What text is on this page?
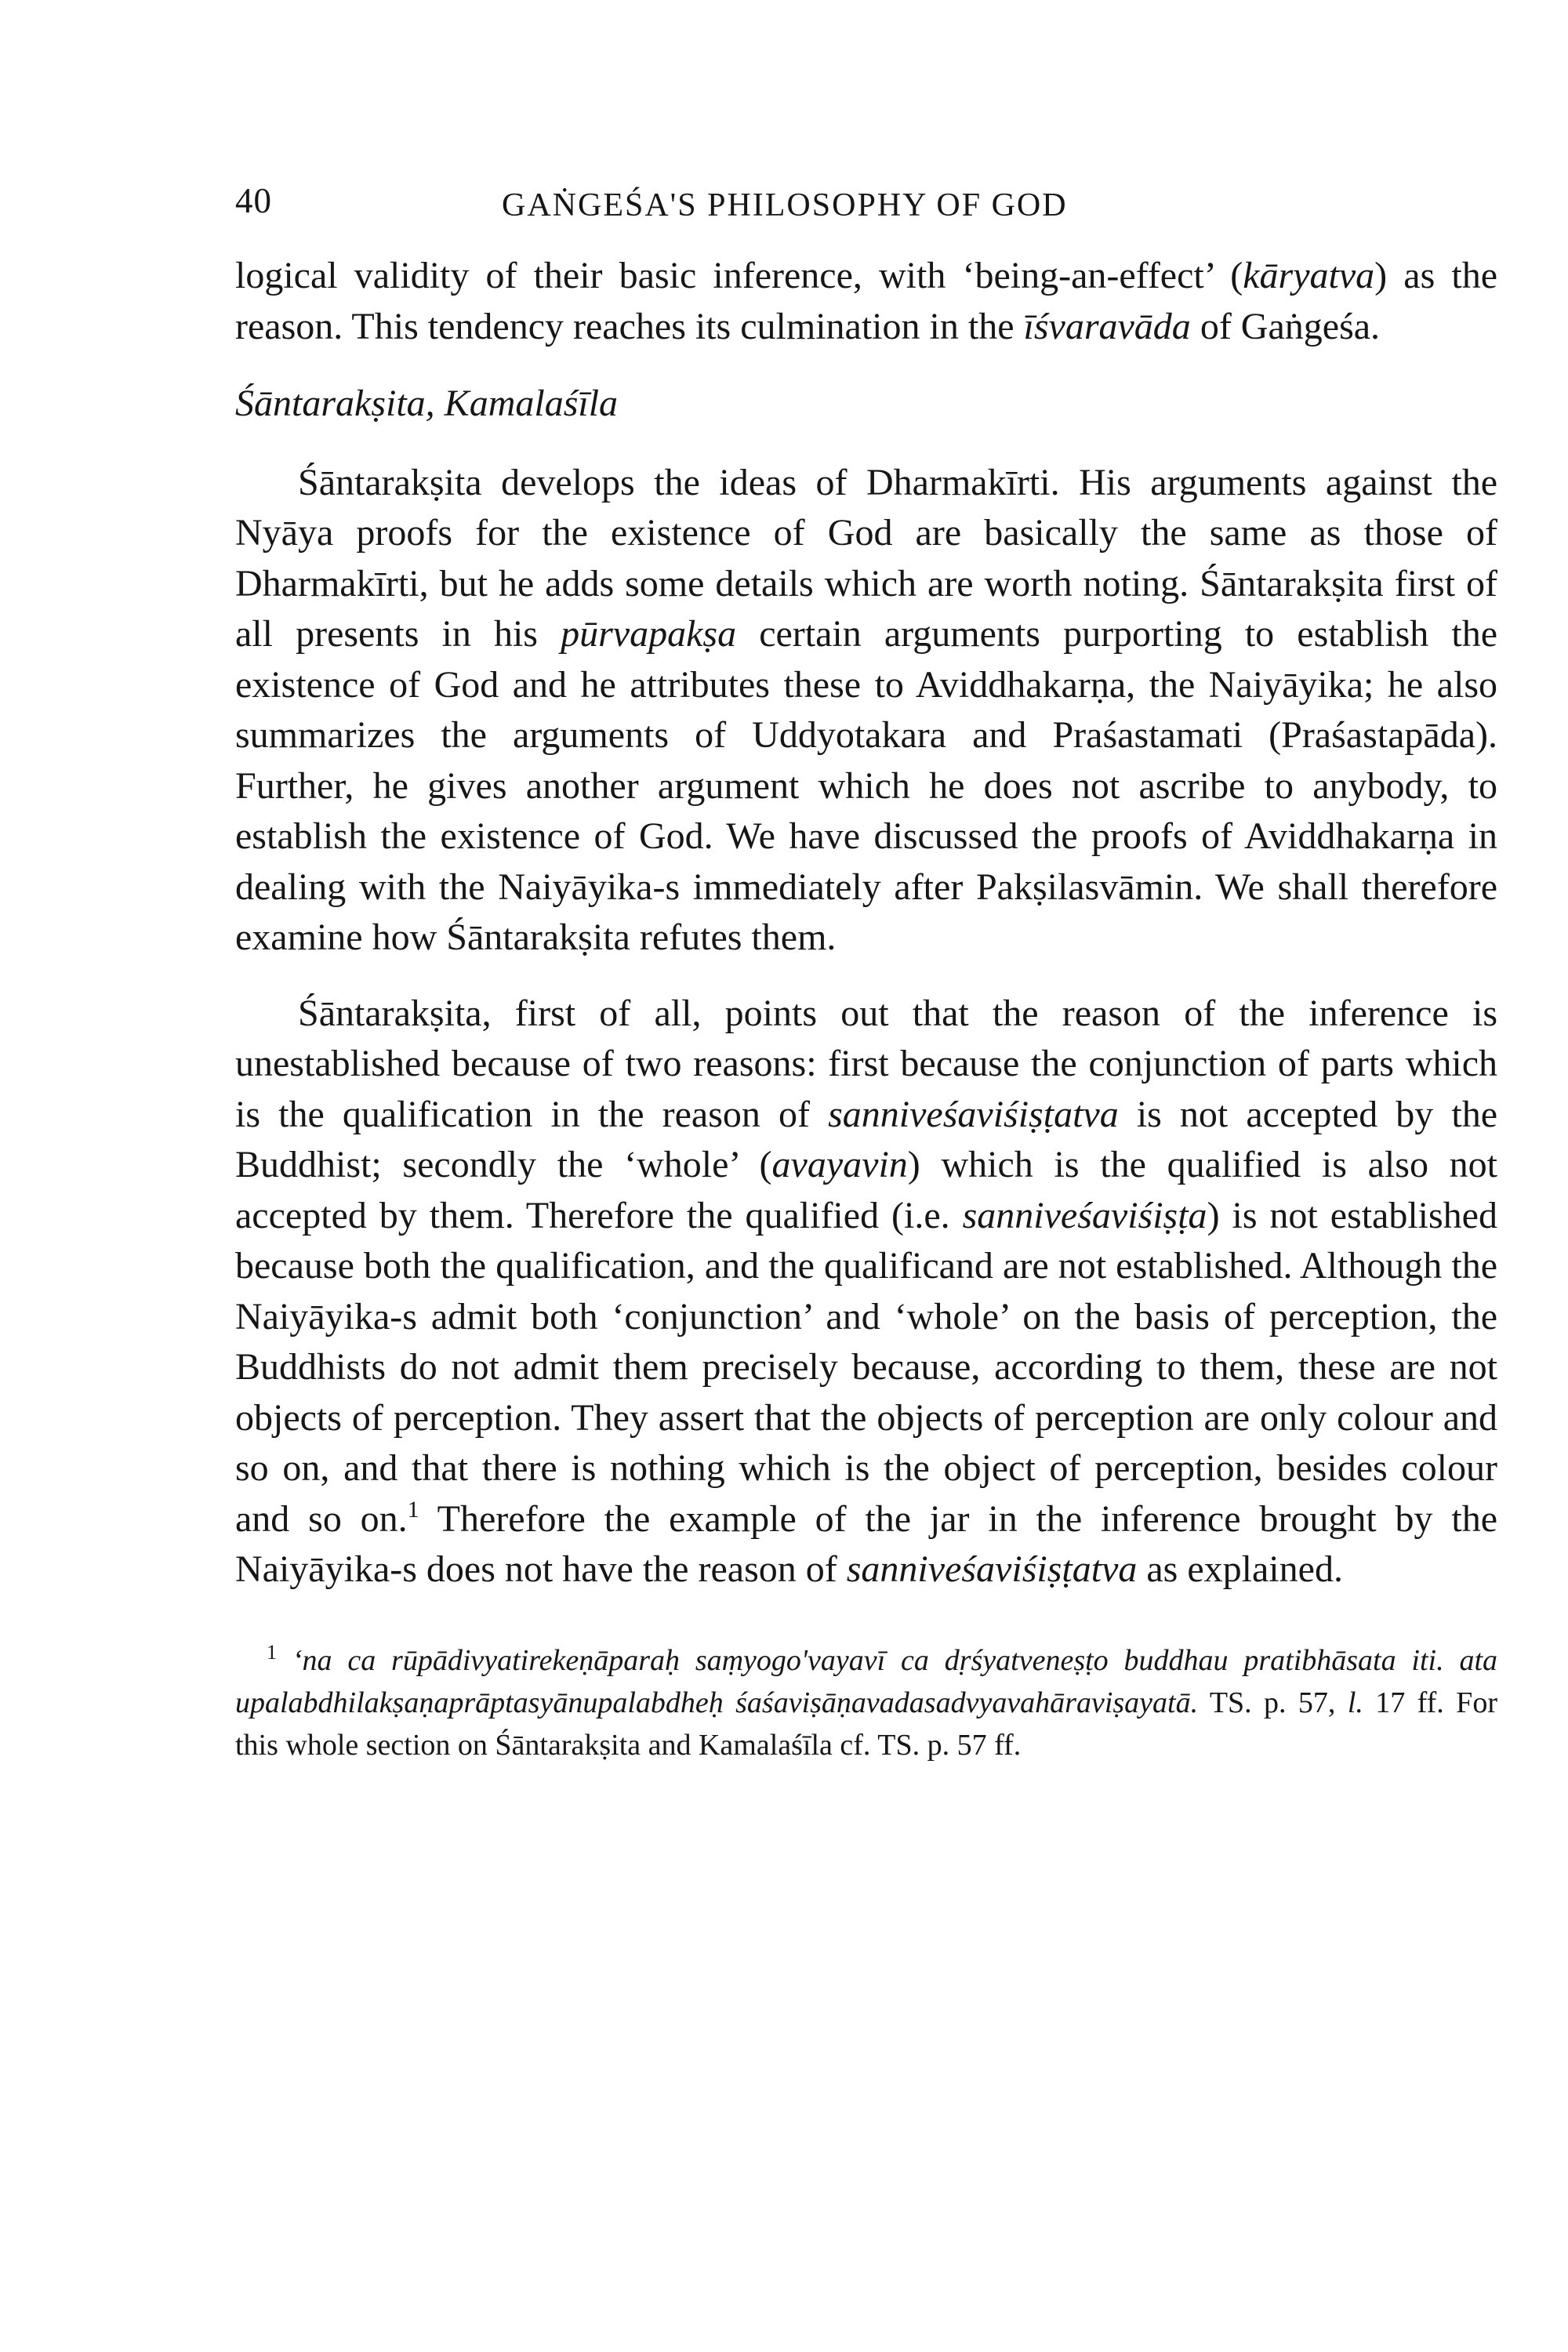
40	GAṄGEŚA'S PHILOSOPHY OF GOD

logical validity of their basic inference, with ‘being-an-effect’ (kāryatva) as the reason. This tendency reaches its culmination in the īśvaravāda of Gaṅgeśa.

Śāntarakṣita, Kamalaśīla

Śāntarakṣita develops the ideas of Dharmakīrti. His arguments against the Nyāya proofs for the existence of God are basically the same as those of Dharmakīrti, but he adds some details which are worth noting. Śāntarakṣita first of all presents in his pūrvapakṣa certain arguments purporting to establish the existence of God and he attributes these to Aviddhakarṇa, the Naiyāyika; he also summarizes the arguments of Uddyotakara and Praśastamati (Praśastapāda). Further, he gives another argument which he does not ascribe to anybody, to establish the existence of God. We have discussed the proofs of Aviddhakarṇa in dealing with the Naiyāyika-s immediately after Pakṣilasvāmin. We shall therefore examine how Śāntarakṣita refutes them.

Śāntarakṣita, first of all, points out that the reason of the inference is unestablished because of two reasons: first because the conjunction of parts which is the qualification in the reason of sanniveśaviśiṣṭatva is not accepted by the Buddhist; secondly the ‘whole’ (avayavin) which is the qualified is also not accepted by them. Therefore the qualified (i.e. sanniveśaviśiṣṭa) is not established because both the qualification, and the qualificand are not established. Although the Naiyāyika-s admit both ‘conjunction’ and ‘whole’ on the basis of perception, the Buddhists do not admit them precisely because, according to them, these are not objects of perception. They assert that the objects of perception are only colour and so on, and that there is nothing which is the object of perception, besides colour and so on.$^1$ Therefore the example of the jar in the inference brought by the Naiyāyika-s does not have the reason of sanniveśaviśiṣṭatva as explained.

$^1$ ‘na ca rūpādivyatirekeṇāparaḥ saṃyogo'vayavī ca dṛśyatveneṣṭo buddhau pratibhāsata iti. ata upalabdhilakṣaṇaprāptasyānupalabdheḥ śaśaviṣāṇavadasadvyavahāraviṣayatā. TS. p. 57, l. 17 ff. For this whole section on Śāntarakṣita and Kamalaśīla cf. TS. p. 57 ff.
